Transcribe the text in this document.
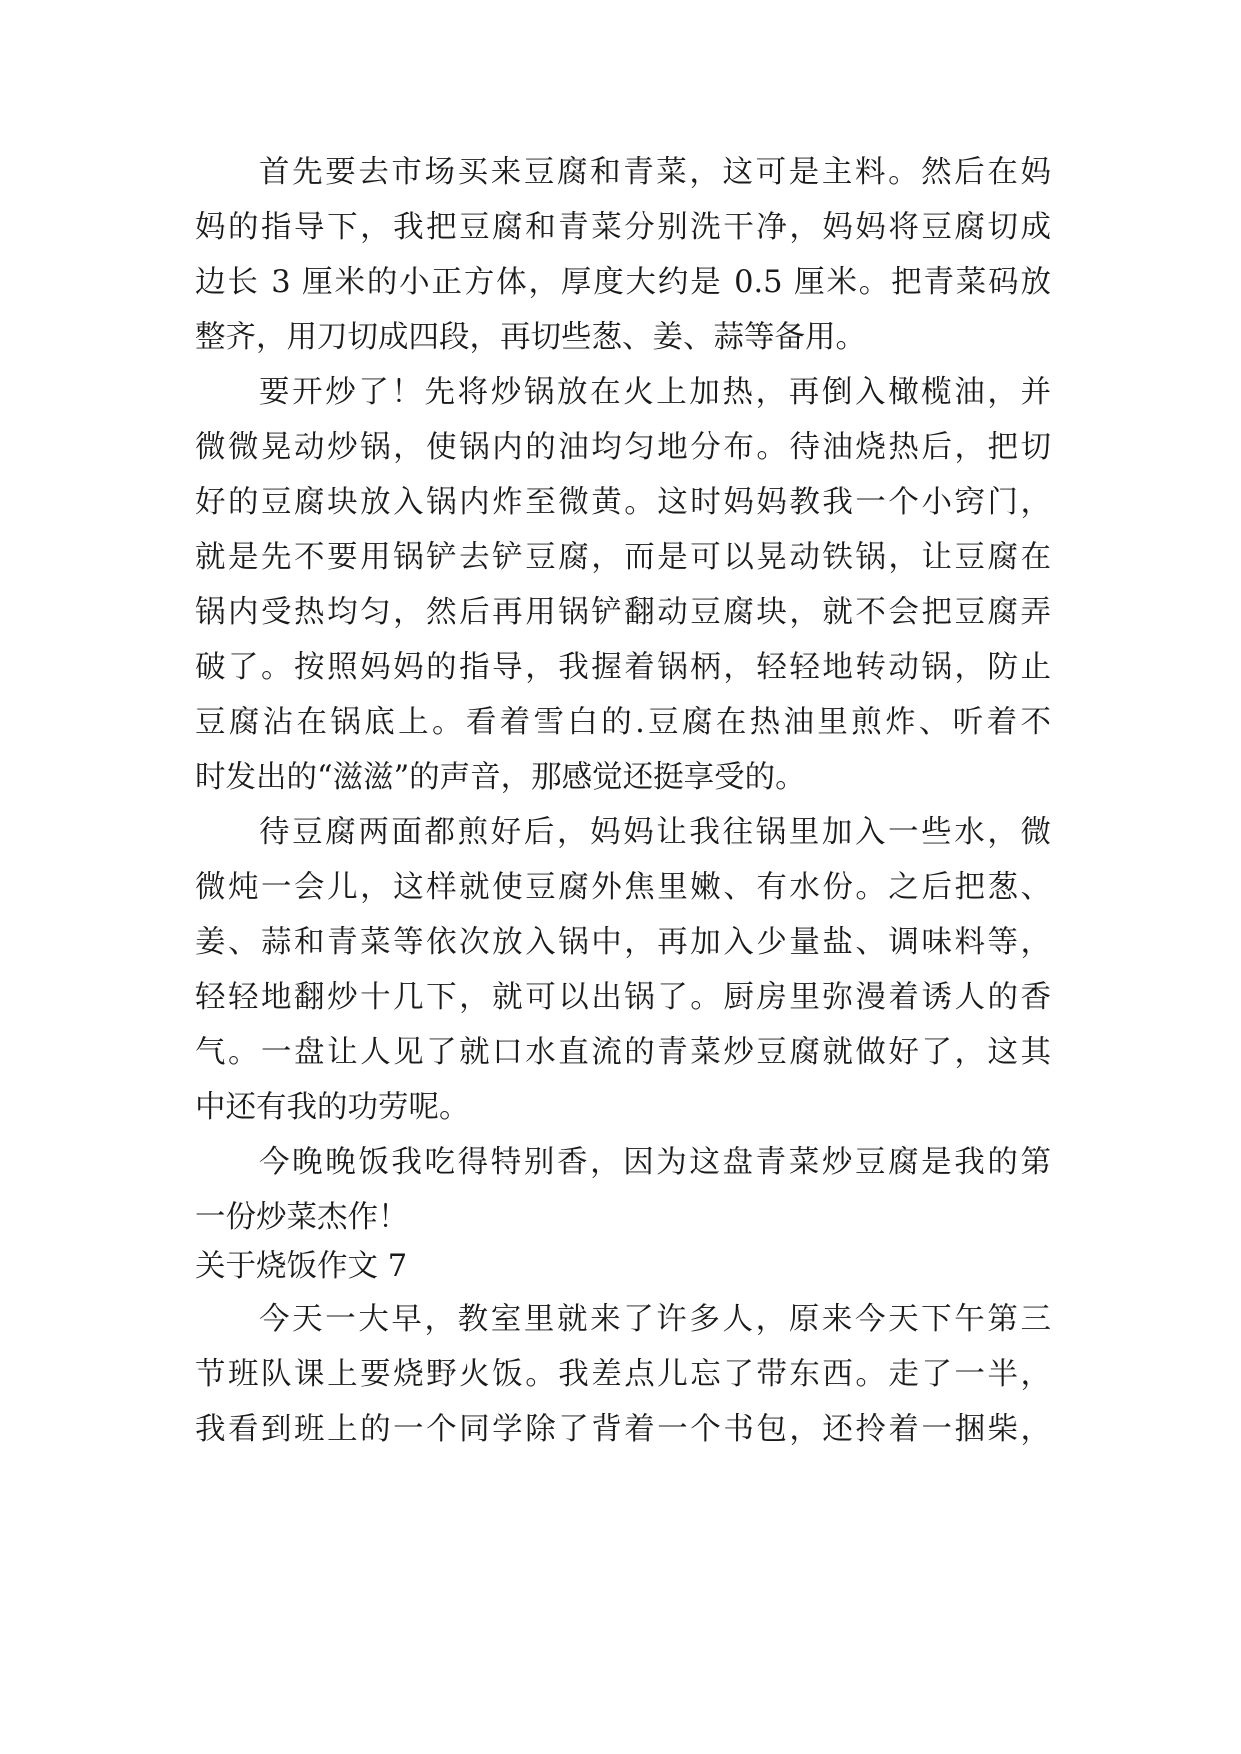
首先要去市场买来豆腐和青菜，这可是主料。然后在妈
妈的指导下，我把豆腐和青菜分别洗干净，妈妈将豆腐切成
边长 3 厘米的小正方体，厚度大约是 0.5 厘米。把青菜码放
整齐，用刀切成四段，再切些葱、姜、蒜等备用。
要开炒了！先将炒锅放在火上加热，再倒入橄榄油，并
微微晃动炒锅，使锅内的油均匀地分布。待油烧热后，把切
好的豆腐块放入锅内炸至微黄。这时妈妈教我一个小窍门，
就是先不要用锅铲去铲豆腐，而是可以晃动铁锅，让豆腐在
锅内受热均匀，然后再用锅铲翻动豆腐块，就不会把豆腐弄
破了。按照妈妈的指导，我握着锅柄，轻轻地转动锅，防止
豆腐沾在锅底上。看着雪白的.豆腐在热油里煎炸、听着不
时发出的“滋滋”的声音，那感觉还挺享受的。
待豆腐两面都煎好后，妈妈让我往锅里加入一些水，微
微炖一会儿，这样就使豆腐外焦里嫩、有水份。之后把葱、
姜、蒜和青菜等依次放入锅中，再加入少量盐、调味料等，
轻轻地翻炒十几下，就可以出锅了。厨房里弥漫着诱人的香
气。一盘让人见了就口水直流的青菜炒豆腐就做好了，这其
中还有我的功劳呢。
今晚晚饭我吃得特别香，因为这盘青菜炒豆腐是我的第
一份炒菜杰作！
关于烧饭作文 7
今天一大早，教室里就来了许多人，原来今天下午第三
节班队课上要烧野火饭。我差点儿忘了带东西。走了一半，
我看到班上的一个同学除了背着一个书包，还拎着一捆柴，
